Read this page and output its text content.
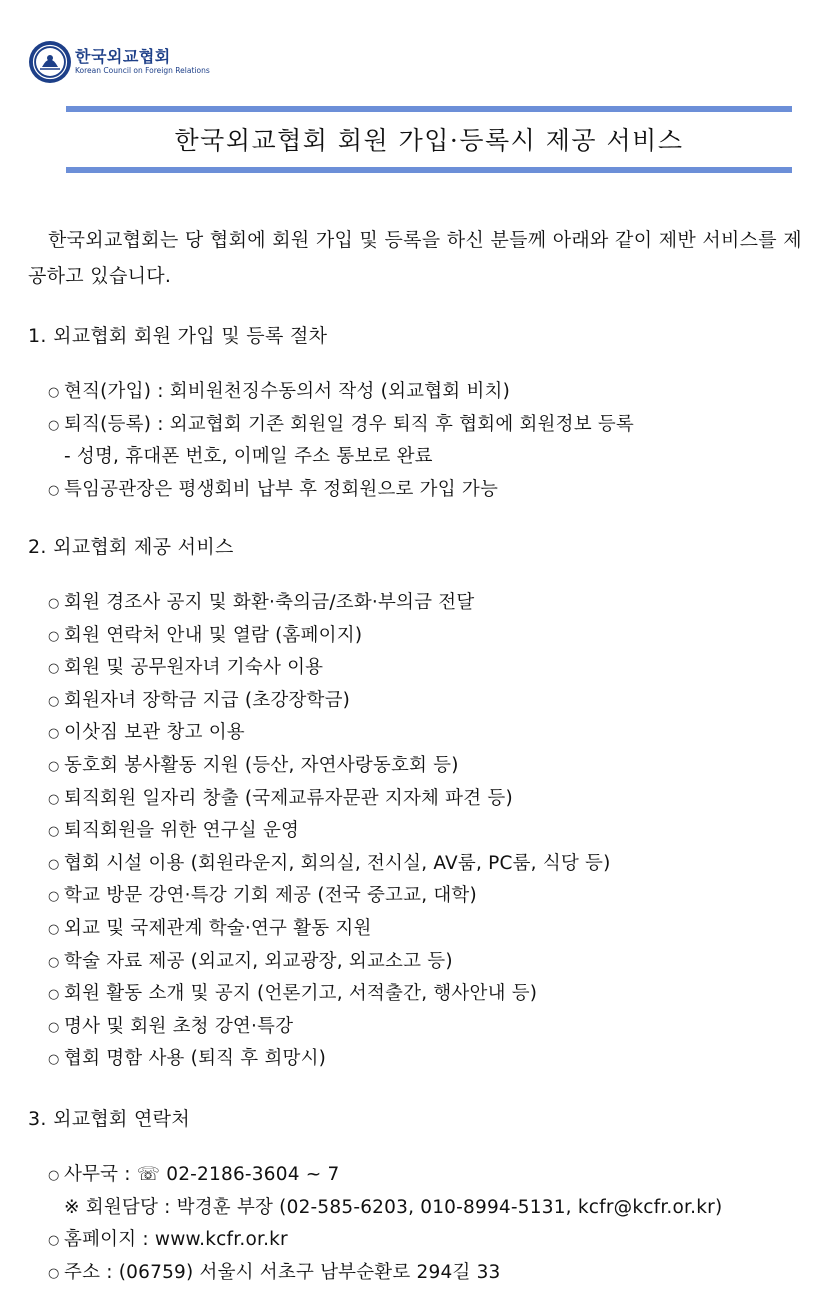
한국외교협회
Korean Council on Foreign Relations
한국외교협회 회원 가입·등록시 제공 서비스

한국외교협회는 당 협회에 회원 가입 및 등록을 하신 분들께 아래와 같이 제반 서비스를 제공하고 있습니다.

1. 외교협회 회원 가입 및 등록 절차
○ 현직(가입) : 회비원천징수동의서 작성 (외교협회 비치)
○ 퇴직(등록) : 외교협회 기존 회원일 경우 퇴직 후 협회에 회원정보 등록
- 성명, 휴대폰 번호, 이메일 주소 통보로 완료
○ 특임공관장은 평생회비 납부 후 정회원으로 가입 가능
2. 외교협회 제공 서비스
○ 회원 경조사 공지 및 화환·축의금/조화·부의금 전달
○ 회원 연락처 안내 및 열람 (홈페이지)
○ 회원 및 공무원자녀 기숙사 이용
○ 회원자녀 장학금 지급 (초강장학금)
○ 이삿짐 보관 창고 이용
○ 동호회 봉사활동 지원 (등산, 자연사랑동호회 등)
○ 퇴직회원 일자리 창출 (국제교류자문관 지자체 파견 등)
○ 퇴직회원을 위한 연구실 운영
○ 협회 시설 이용 (회원라운지, 회의실, 전시실, AV룸, PC룸, 식당 등)
○ 학교 방문 강연·특강 기회 제공 (전국 중고교, 대학)
○ 외교 및 국제관계 학술·연구 활동 지원
○ 학술 자료 제공 (외교지, 외교광장, 외교소고 등)
○ 회원 활동 소개 및 공지 (언론기고, 서적출간, 행사안내 등)
○ 명사 및 회원 초청 강연·특강
○ 협회 명함 사용 (퇴직 후 희망시)
3. 외교협회 연락처
○ 사무국 : ☏ 02-2186-3604 ~ 7
※ 회원담당 : 박경훈 부장 (02-585-6203, 010-8994-5131, kcfr@kcfr.or.kr)
○ 홈페이지 : www.kcfr.or.kr
○ 주소 : (06759) 서울시 서초구 남부순환로 294길 33
